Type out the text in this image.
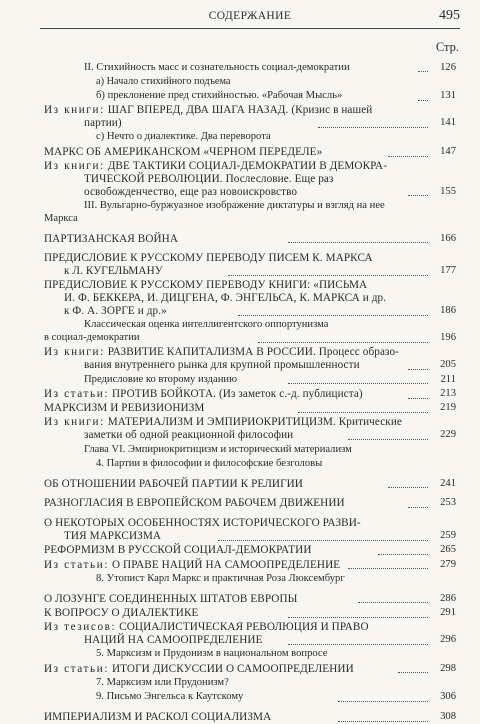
СОДЕРЖАНИЕ	495
Стр.
II. Стихийность масс и сознательность социал-демократии	126
а) Начало стихийного подъема
б) преклонение пред стихийностью. «Рабочая Мысль»	131
Из книги: ШАГ ВПЕРЕД, ДВА ШАГА НАЗАД. (Кризис в нашей
партии)	141
с) Нечто о диалектике. Два переворота
МАРКС ОБ АМЕРИКАНСКОМ «ЧЕРНОМ ПЕРЕДЕЛЕ»	147
Из книги: ДВЕ ТАКТИКИ СОЦИАЛ-ДЕМОКРАТИИ В ДЕМОКРА-
ТИЧЕСКОЙ РЕВОЛЮЦИИ. Послесловие. Еще раз
освобожденчество, еще раз новоискровство	155
III. Вульгарно-буржуазное изображение диктатуры и взгляд на нее
Маркса
ПАРТИЗАНСКАЯ ВОЙНА	166
ПРЕДИСЛОВИЕ К РУССКОМУ ПЕРЕВОДУ ПИСЕМ К. МАРКСА
к Л. КУГЕЛЬМАНУ	177
ПРЕДИСЛОВИЕ К РУССКОМУ ПЕРЕВОДУ КНИГИ: «ПИСЬМА
И. Ф. БЕККЕРА, И. ДИЦГЕНА, Ф. ЭНГЕЛЬСА, К. МАРКСА и др.
к Ф. А. ЗОРГЕ и др.»	186
Классическая оценка интеллигентского оппортунизма
в социал-демократии	196
Из книги: РАЗВИТИЕ КАПИТАЛИЗМА В РОССИИ. Процесс образо-
вания внутреннего рынка для крупной промышленности	205
Предисловие ко второму изданию	211
Из статьи: ПРОТИВ БОЙКОТА. (Из заметок с.-д. публициста)	213
МАРКСИЗМ И РЕВИЗИОНИЗМ	219
Из книги: МАТЕРИАЛИЗМ И ЭМПИРИОКРИТИЦИЗМ. Критические
заметки об одной реакционной философии	229
Глава VI. Эмпириокритицизм и исторический материализм
4. Партии в философии и философские безголовы
ОБ ОТНОШЕНИИ РАБОЧЕЙ ПАРТИИ К РЕЛИГИИ	241
РАЗНОГЛАСИЯ В ЕВРОПЕЙСКОМ РАБОЧЕМ ДВИЖЕНИИ	253
О НЕКОТОРЫХ ОСОБЕННОСТЯХ ИСТОРИЧЕСКОГО РАЗВИ-
ТИЯ МАРКСИЗМА	259
РЕФОРМИЗМ В РУССКОЙ СОЦИАЛ-ДЕМОКРАТИИ	265
Из статьи: О ПРАВЕ НАЦИЙ НА САМООПРЕДЕЛЕНИЕ	279
8. Утопист Карл Маркс и практичная Роза Люксембург
О ЛОЗУНГЕ СОЕДИНЕННЫХ ШТАТОВ ЕВРОПЫ	286
К ВОПРОСУ О ДИАЛЕКТИКЕ	291
Из тезисов: СОЦИАЛИСТИЧЕСКАЯ РЕВОЛЮЦИЯ И ПРАВО
НАЦИЙ НА САМООПРЕДЕЛЕНИЕ	296
5. Марксизм и Прудонизм в национальном вопросе
Из статьи: ИТОГИ ДИСКУССИИ О САМООПРЕДЕЛЕНИИ	298
7. Марксизм или Прудонизм?
9. Письмо Энгельса к Каутскому	306
ИМПЕРИАЛИЗМ И РАСКОЛ СОЦИАЛИЗМА	308
